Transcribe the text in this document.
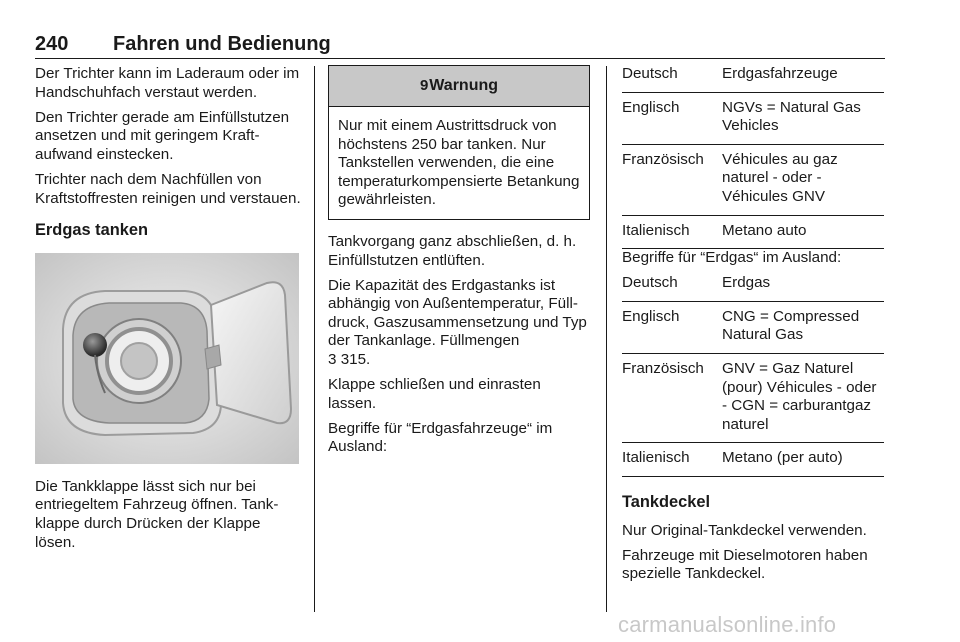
240 Fahren und Bedienung

Der Trichter kann im Laderaum oder im Handschuhfach verstaut werden.

Den Trichter gerade am Einfüllstutzen ansetzen und mit geringem Kraftaufwand einstecken.

Trichter nach dem Nachfüllen von Kraftstoffresten reinigen und verstauen.

Erdgas tanken

Die Tankklappe lässt sich nur bei entriegeltem Fahrzeug öffnen. Tankklappe durch Drücken der Klappe lösen.

9 Warnung
Nur mit einem Austrittsdruck von höchstens 250 bar tanken. Nur Tankstellen verwenden, die eine temperaturkompensierte Betankung gewährleisten.

Tankvorgang ganz abschließen, d. h. Einfüllstutzen entlüften.

Die Kapazität des Erdgastanks ist abhängig von Außentemperatur, Fülldruck, Gaszusammensetzung und Typ der Tankanlage. Füllmengen
3 315.

Klappe schließen und einrasten lassen.

Begriffe für “Erdgasfahrzeuge“ im Ausland:

Deutsch	Erdgasfahrzeuge
Englisch	NGVs = Natural Gas Vehicles
Französisch	Véhicules au gaz naturel - oder - Véhicules GNV
Italienisch	Metano auto

Begriffe für “Erdgas“ im Ausland:

Deutsch	Erdgas
Englisch	CNG = Compressed Natural Gas
Französisch	GNV = Gaz Naturel (pour) Véhicules - oder - CGN = carburantgaz naturel
Italienisch	Metano (per auto)
Tankdeckel

Nur Original-Tankdeckel verwenden.

Fahrzeuge mit Dieselmotoren haben spezielle Tankdeckel.

carmanualsonline.info
